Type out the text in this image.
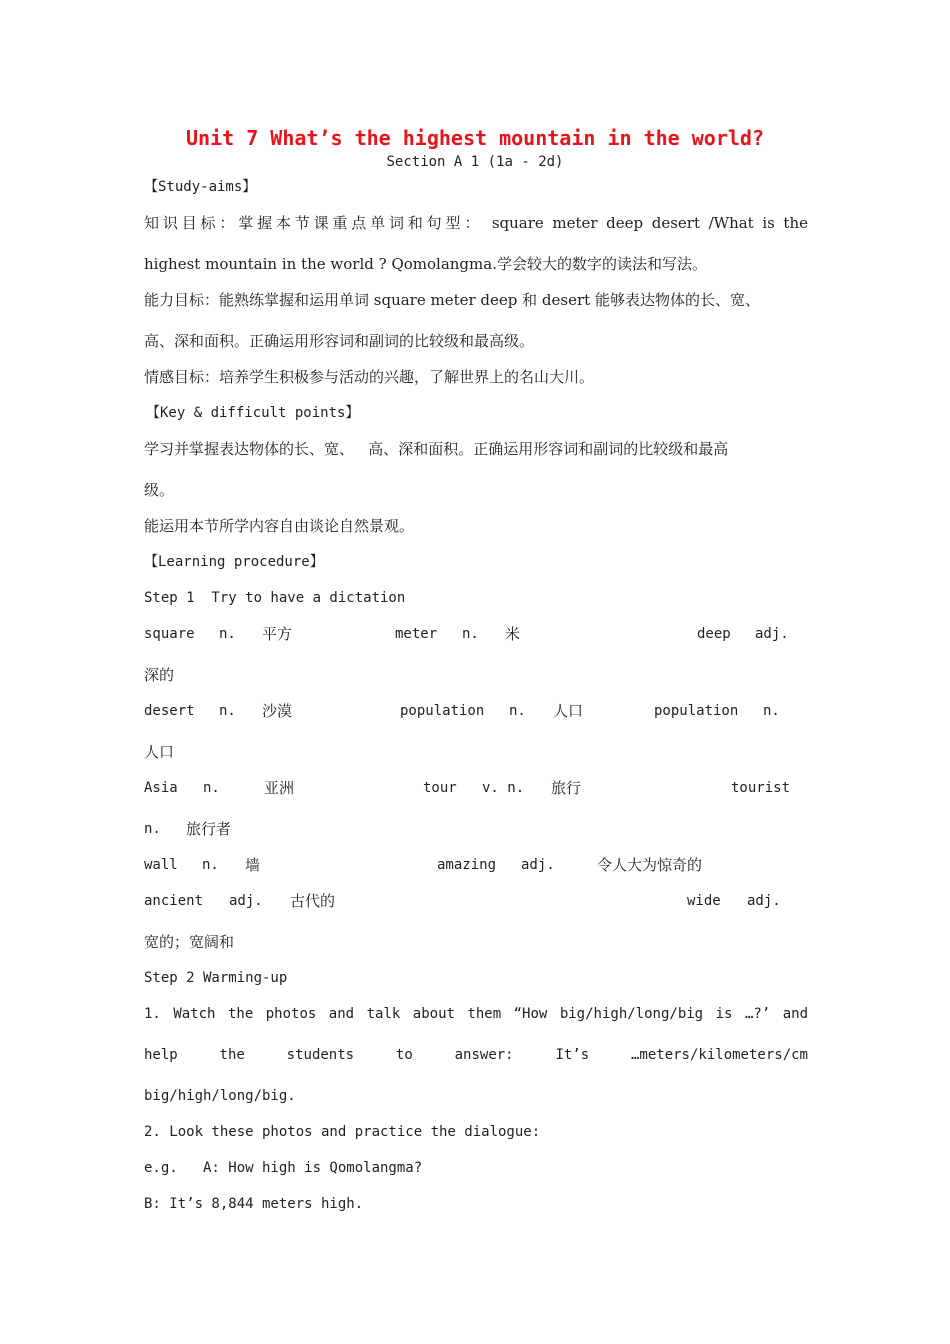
Unit 7 What’s the highest mountain in the world?
Section A 1 (1a - 2d)
【Study-aims】
知识目标：掌握本节课重点单词和句型： square meter deep desert /What is the
highest mountain in the world ? Qomolangma.学会较大的数字的读法和写法。
能力目标：能熟练掌握和运用单词 square meter deep 和 desert 能够表达物体的长、宽、
高、深和面积。正确运用形容词和副词的比较级和最高级。
情感目标：培养学生积极参与活动的兴趣，了解世界上的名山大川。
【Key & difficult points】
学习并掌握表达物体的长、宽、   高、深和面积。正确运用形容词和副词的比较级和最高
级。
能运用本节所学内容自由谈论自然景观。
【Learning procedure】
Step 1  Try to have a dictation
square n. 平方	meter n. 米	deep adj.
深的
desert n. 沙漠	population n. 人口	population n.
人口
Asia n.	亚洲	tour v. n. 旅行	tourist
n. 旅行者
wall n. 墙	amazing adj.	令人大为惊奇的
ancient adj. 古代的	wide adj.
宽的；宽阔和
Step 2 Warming-up
1. Watch the photos and talk about them “How big/high/long/big is …?’ and
help the students to answer: It’s …meters/kilometers/cm
big/high/long/big.
2. Look these photos and practice the dialogue:
e.g.   A: How high is Qomolangma?
B: It’s 8,844 meters high.
